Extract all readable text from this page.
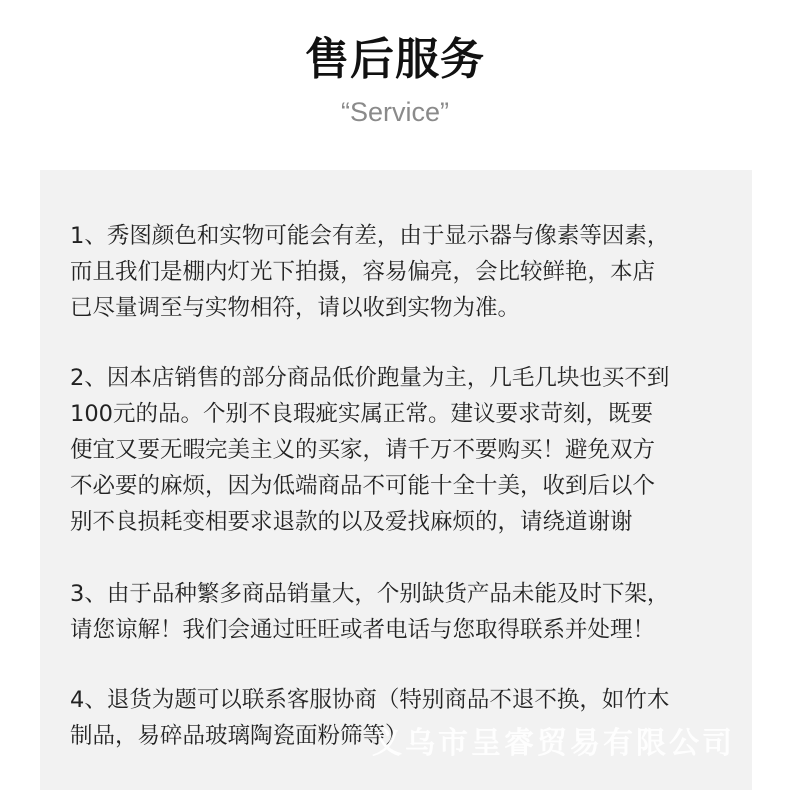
售后服务
“Service”
1、秀图颜色和实物可能会有差，由于显示器与像素等因素，
而且我们是棚内灯光下拍摄，容易偏亮，会比较鲜艳，本店
已尽量调至与实物相符，请以收到实物为准。
2、因本店销售的部分商品低价跑量为主，几毛几块也买不到
100元的品。个别不良瑕疵实属正常。建议要求苛刻，既要
便宜又要无暇完美主义的买家，请千万不要购买！避免双方
不必要的麻烦，因为低端商品不可能十全十美，收到后以个
别不良损耗变相要求退款的以及爱找麻烦的，请绕道谢谢
3、由于品种繁多商品销量大，个别缺货产品未能及时下架，
请您谅解！我们会通过旺旺或者电话与您取得联系并处理！
4、退货为题可以联系客服协商（特别商品不退不换，如竹木
制品，易碎品玻璃陶瓷面粉筛等）
义乌市呈睿贸易有限公司
